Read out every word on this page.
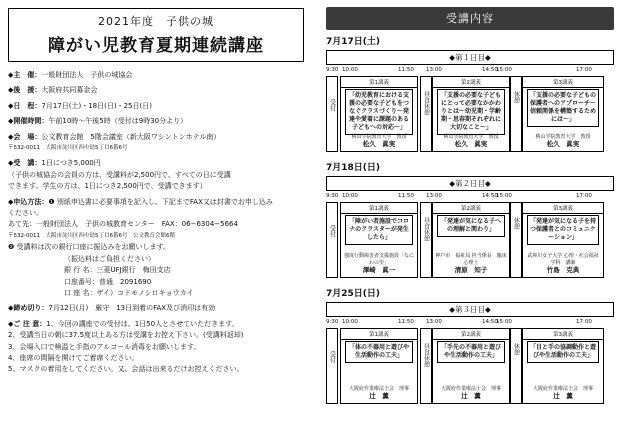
2021年度　子供の城
障がい児教育夏期連続講座
◆主　催：一般財団法人　子供の城協会
◆後　援：大阪府共同募金会
◆日　程：7月17日(土)・18日(日)・25日(日)
◆開催時間：午前10時〜午後5時（受付は9時30分より）
◆会　場：公文教育会館　5階会議室（新大阪ワシントンホテル南）
〒532-0011　大阪市淀川区西中島5丁目6番6号
◆受　講：1日につき5,000円
（子供の城協会の会員の方は、受講料が2,500円で、すべての日に受講
できます。学生の方は、1日につき2,500円で、受講できます）
◆申込方法：❶ 別紙申込書に必要事項を記入し、下記までFAX又は封書でお申し込み
ください。
あて先：一般財団法人　子供の城教育センター　FAX：06−6304−5664
〒532-0011　大阪市淀川区西中島5丁目6番6号　公文教育会館6階
❷ 受講料は次の銀行口座に振込みをお願いします。
（振込料はご負担ください）
銀 行 名：三菱UFJ銀行　梅田支店
口座番号：普通　2091690
口 座 名：ザイ）コドモノシロキョウカイ
◆締め切り：7月12日(月)　厳守　13日到着のFAX及び消印は有効
◆ご 注 意：1、今回の講座での受付は、1日50人とさせていただきます。
2、受講当日の朝に37.5度以上ある方は受講をお控え下さい。(受講料返却)
3、会場入口で検温と手指のアルコール消毒をお願いします。
4、座席の間隔を開けてご着席ください。
5、マスクの着用をしてください。又、会話は出来るだけお控えください。
受講内容
7月17日(土)
◆第１日目◆
9:30 10:00	11:50 13:00	14:50
15:00	17:00
受付	昼食休憩	休憩
第1講義
「幼児教育における支援の必要な子どもをつなぐクラスづくり〜発達や愛着に課題のある子どもへの対応〜」
桃山学院教育大学　教授
松久　眞実
第2講義
「支援の必要な子どもにとって必要なかかわりとは〜幼児期・学齢期・思春期それぞれに大切なこと〜」
桃山学院教育大学　教授
松久　眞実
第3講義
「支援の必要な子どもの保護者へのアプローチ〜信頼関係を構築するためには〜」
桃山学院教育大学　教授
松久　眞実
7月18日(日)
◆第２日目◆
9:30 10:00	11:50 13:00	14:50
15:00	17:00
受付	昼食休憩	休憩
第1講義
「障がい者施設でコロナのクラスターが発生したら」
強度行動障害者支援施設「なにわの里」
澤崎　眞一
第2講義
「発達が気になる子への理解と関わり」
神戸市　福祉局 担当係長　臨床心理士
清原　知子
第3講義
「発達が気になる子を持つ保護者とのコミュニケーション」
武庫川女子大学 心理・社会福祉学科　講師
竹島　克典
7月25日(日)
◆第３日目◆
9:30 10:00	11:50 13:00	14:50
15:00	17:00
受付	昼食休憩	休憩
第1講義
「体の不器用と遊びや生活動作の工夫」
大阪府作業療法士会　理事
辻　薫
第2講義
「手先の不器用と遊びや生活動作の工夫」
大阪府作業療法士会　理事
辻　薫
第3講義
「目と手の協調動作と遊びや生活動作の工夫」
大阪府作業療法士会　理事
辻　薫
